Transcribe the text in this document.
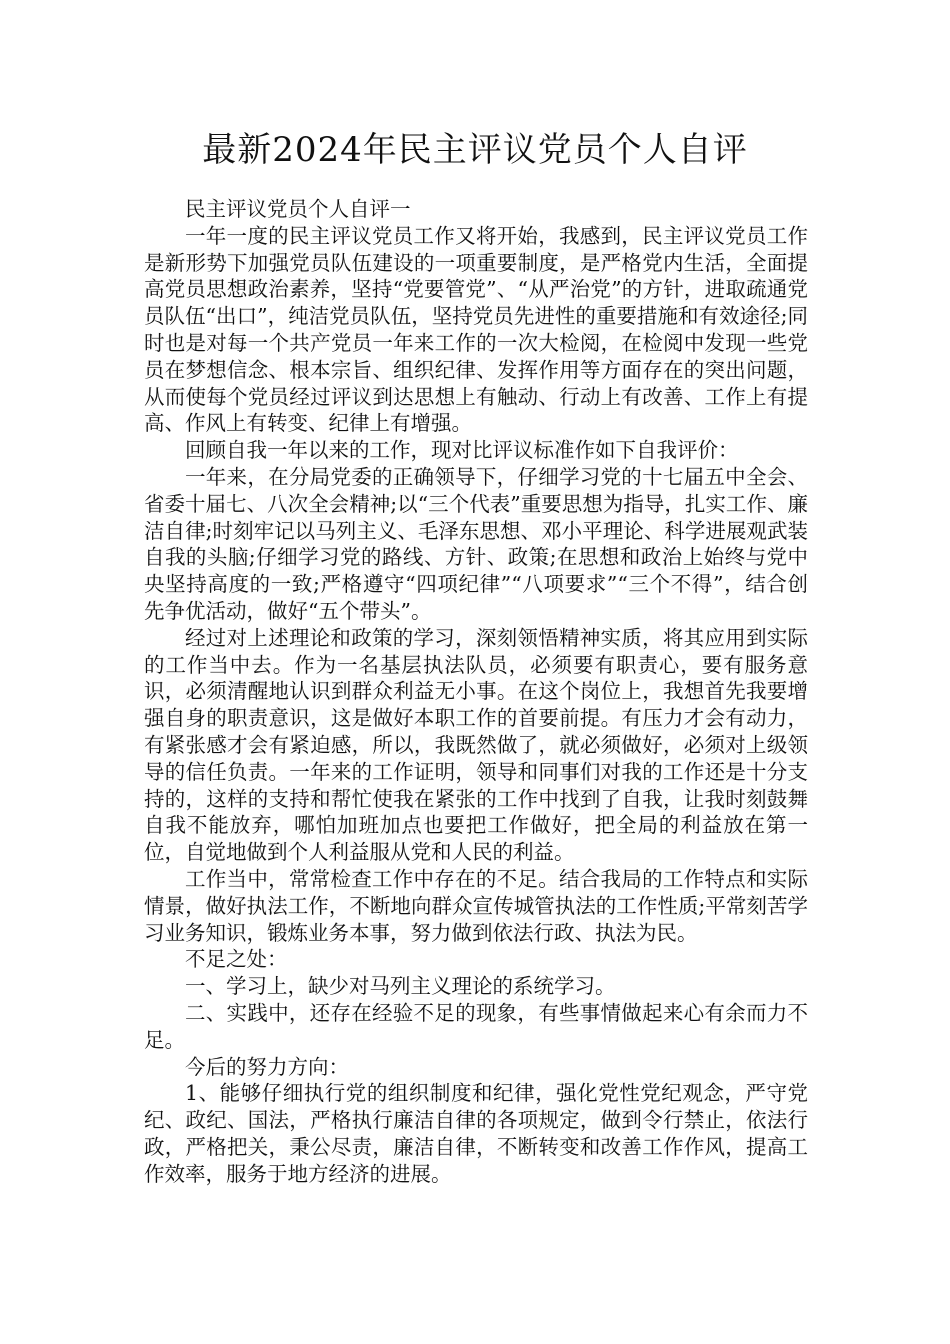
最新2024年民主评议党员个人自评

民主评议党员个人自评一

一年一度的民主评议党员工作又将开始，我感到，民主评议党员工作是新形势下加强党员队伍建设的一项重要制度，是严格党内生活，全面提高党员思想政治素养，坚持“党要管党”、“从严治党”的方针，进取疏通党员队伍“出口”，纯洁党员队伍，坚持党员先进性的重要措施和有效途径;同时也是对每一个共产党员一年来工作的一次大检阅，在检阅中发现一些党员在梦想信念、根本宗旨、组织纪律、发挥作用等方面存在的突出问题，从而使每个党员经过评议到达思想上有触动、行动上有改善、工作上有提高、作风上有转变、纪律上有增强。

回顾自我一年以来的工作，现对比评议标准作如下自我评价：

一年来，在分局党委的正确领导下，仔细学习党的十七届五中全会、省委十届七、八次全会精神;以“三个代表”重要思想为指导，扎实工作、廉洁自律;时刻牢记以马列主义、毛泽东思想、邓小平理论、科学进展观武装自我的头脑;仔细学习党的路线、方针、政策;在思想和政治上始终与党中央坚持高度的一致;严格遵守“四项纪律”“八项要求”“三个不得”，结合创先争优活动，做好“五个带头”。

经过对上述理论和政策的学习，深刻领悟精神实质，将其应用到实际的工作当中去。作为一名基层执法队员，必须要有职责心，要有服务意识，必须清醒地认识到群众利益无小事。在这个岗位上，我想首先我要增强自身的职责意识，这是做好本职工作的首要前提。有压力才会有动力，有紧张感才会有紧迫感，所以，我既然做了，就必须做好，必须对上级领导的信任负责。一年来的工作证明，领导和同事们对我的工作还是十分支持的，这样的支持和帮忙使我在紧张的工作中找到了自我，让我时刻鼓舞自我不能放弃，哪怕加班加点也要把工作做好，把全局的利益放在第一位，自觉地做到个人利益服从党和人民的利益。

工作当中，常常检查工作中存在的不足。结合我局的工作特点和实际情景，做好执法工作，不断地向群众宣传城管执法的工作性质;平常刻苦学习业务知识，锻炼业务本事，努力做到依法行政、执法为民。

不足之处：

一、学习上，缺少对马列主义理论的系统学习。

二、实践中，还存在经验不足的现象，有些事情做起来心有余而力不足。

今后的努力方向：

1、能够仔细执行党的组织制度和纪律，强化党性党纪观念，严守党纪、政纪、国法，严格执行廉洁自律的各项规定，做到令行禁止，依法行政，严格把关，秉公尽责，廉洁自律，不断转变和改善工作作风，提高工作效率，服务于地方经济的进展。
